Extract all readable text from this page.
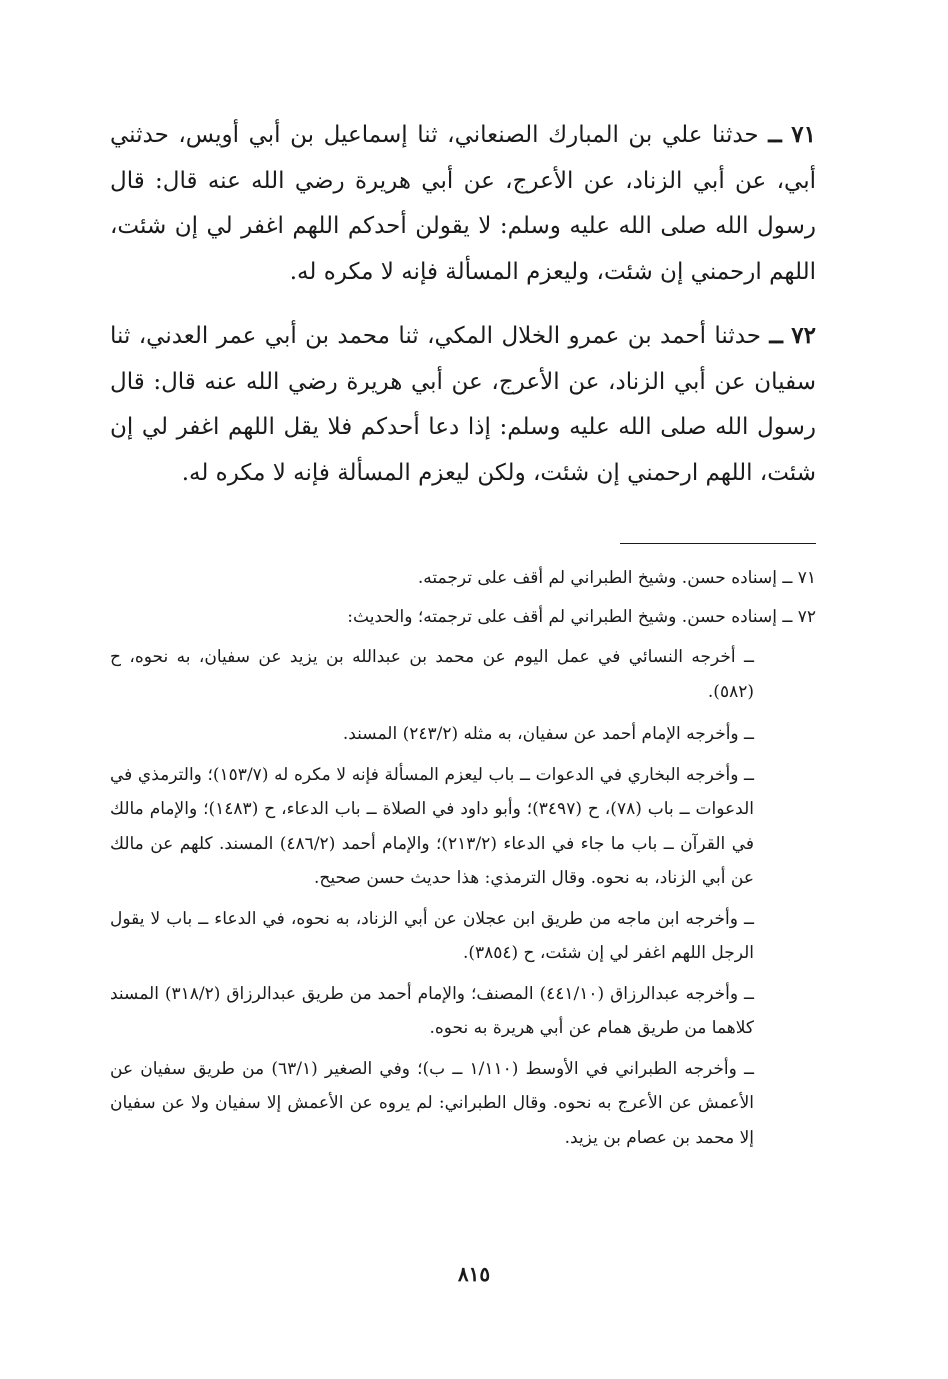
٧١ ــ حدثنا علي بن المبارك الصنعاني، ثنا إسماعيل بن أبي أويس، حدثني أبي، عن أبي الزناد، عن الأعرج، عن أبي هريرة رضي الله عنه قال: قال رسول الله صلى الله عليه وسلم: لا يقولن أحدكم اللهم اغفر لي إن شئت، اللهم ارحمني إن شئت، وليعزم المسألة فإنه لا مكره له.

٧٢ ــ حدثنا أحمد بن عمرو الخلال المكي، ثنا محمد بن أبي عمر العدني، ثنا سفيان عن أبي الزناد، عن الأعرج، عن أبي هريرة رضي الله عنه قال: قال رسول الله صلى الله عليه وسلم: إذا دعا أحدكم فلا يقل اللهم اغفر لي إن شئت، اللهم ارحمني إن شئت، ولكن ليعزم المسألة فإنه لا مكره له.

٧١ ــ إسناده حسن. وشيخ الطبراني لم أقف على ترجمته.

٧٢ ــ إسناده حسن. وشيخ الطبراني لم أقف على ترجمته؛ والحديث:

ــ أخرجه النسائي في عمل اليوم عن محمد بن عبدالله بن يزيد عن سفيان، به نحوه، ح (٥٨٢).

ــ وأخرجه الإمام أحمد عن سفيان، به مثله (٢٤٣/٢) المسند.

ــ وأخرجه البخاري في الدعوات ــ باب ليعزم المسألة فإنه لا مكره له (١٥٣/٧)؛ والترمذي في الدعوات ــ باب (٧٨)، ح (٣٤٩٧)؛ وأبو داود في الصلاة ــ باب الدعاء، ح (١٤٨٣)؛ والإمام مالك في القرآن ــ باب ما جاء في الدعاء (٢١٣/٢)؛ والإمام أحمد (٤٨٦/٢) المسند. كلهم عن مالك عن أبي الزناد، به نحوه. وقال الترمذي: هذا حديث حسن صحيح.

ــ وأخرجه ابن ماجه من طريق ابن عجلان عن أبي الزناد، به نحوه، في الدعاء ــ باب لا يقول الرجل اللهم اغفر لي إن شئت، ح (٣٨٥٤).

ــ وأخرجه عبدالرزاق (٤٤١/١٠) المصنف؛ والإمام أحمد من طريق عبدالرزاق (٣١٨/٢) المسند كلاهما من طريق همام عن أبي هريرة به نحوه.

ــ وأخرجه الطبراني في الأوسط (١/١١٠ ــ ب)؛ وفي الصغير (٦٣/١) من طريق سفيان عن الأعمش عن الأعرج به نحوه. وقال الطبراني: لم يروه عن الأعمش إلا سفيان ولا عن سفيان إلا محمد بن عصام بن يزيد.

٨١٥
